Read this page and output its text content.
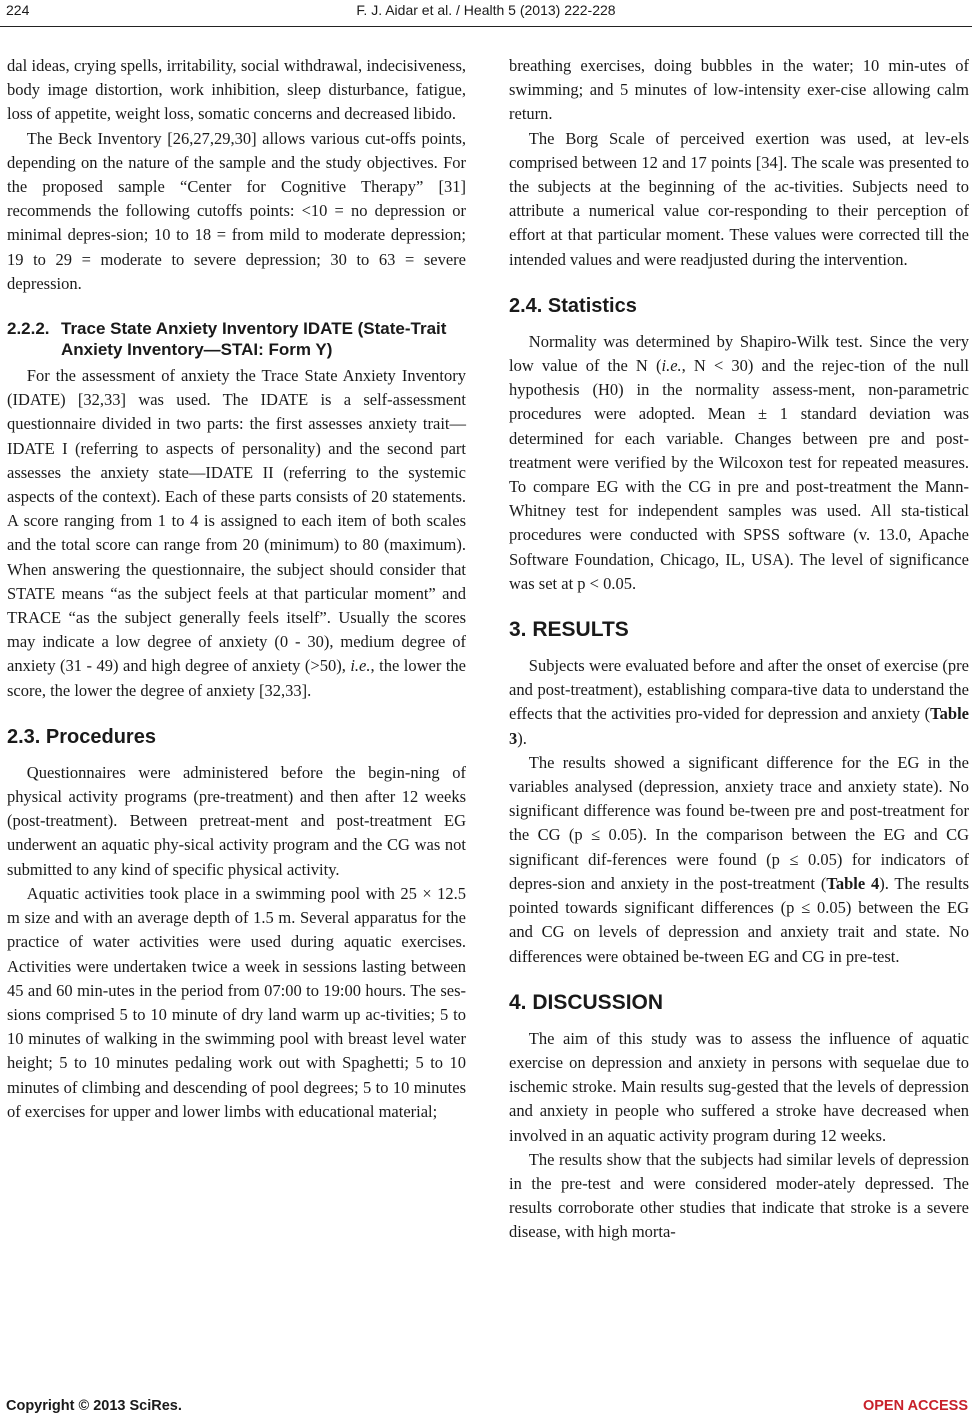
224	F. J. Aidar et al. / Health 5 (2013) 222-228

dal ideas, crying spells, irritability, social withdrawal, indecisiveness, body image distortion, work inhibition, sleep disturbance, fatigue, loss of appetite, weight loss, somatic concerns and decreased libido.

The Beck Inventory [26,27,29,30] allows various cut-offs points, depending on the nature of the sample and the study objectives. For the proposed sample “Center for Cognitive Therapy” [31] recommends the following cutoffs points: <10 = no depression or minimal depres-sion; 10 to 18 = from mild to moderate depression; 19 to 29 = moderate to severe depression; 30 to 63 = severe depression.

2.2.2. Trace State Anxiety Inventory IDATE (State-Trait Anxiety Inventory—STAI: Form Y)

For the assessment of anxiety the Trace State Anxiety Inventory (IDATE) [32,33] was used. The IDATE is a self-assessment questionnaire divided in two parts: the first assesses anxiety trait—IDATE I (referring to aspects of personality) and the second part assesses the anxiety state—IDATE II (referring to the systemic aspects of the context). Each of these parts consists of 20 statements. A score ranging from 1 to 4 is assigned to each item of both scales and the total score can range from 20 (minimum) to 80 (maximum). When answering the questionnaire, the subject should consider that STATE means “as the subject feels at that particular moment” and TRACE “as the subject generally feels itself”. Usually the scores may indicate a low degree of anxiety (0 - 30), medium degree of anxiety (31 - 49) and high degree of anxiety (>50), i.e., the lower the score, the lower the degree of anxiety [32,33].

2.3. Procedures

Questionnaires were administered before the begin-ning of physical activity programs (pre-treatment) and then after 12 weeks (post-treatment). Between pretreat-ment and post-treatment EG underwent an aquatic phy-sical activity program and the CG was not submitted to any kind of specific physical activity.

Aquatic activities took place in a swimming pool with 25 × 12.5 m size and with an average depth of 1.5 m. Several apparatus for the practice of water activities were used during aquatic exercises. Activities were undertaken twice a week in sessions lasting between 45 and 60 min-utes in the period from 07:00 to 19:00 hours. The ses-sions comprised 5 to 10 minute of dry land warm up ac-tivities; 5 to 10 minutes of walking in the swimming pool with breast level water height; 5 to 10 minutes pedaling work out with Spaghetti; 5 to 10 minutes of climbing and descending of pool degrees; 5 to 10 minutes of exercises for upper and lower limbs with educational material;

breathing exercises, doing bubbles in the water; 10 min-utes of swimming; and 5 minutes of low-intensity exer-cise allowing calm return.

The Borg Scale of perceived exertion was used, at lev-els comprised between 12 and 17 points [34]. The scale was presented to the subjects at the beginning of the ac-tivities. Subjects need to attribute a numerical value cor-responding to their perception of effort at that particular moment. These values were corrected till the intended values and were readjusted during the intervention.

2.4. Statistics

Normality was determined by Shapiro-Wilk test. Since the very low value of the N (i.e., N < 30) and the rejec-tion of the null hypothesis (H0) in the normality assess-ment, non-parametric procedures were adopted. Mean ± 1 standard deviation was determined for each variable. Changes between pre and post-treatment were verified by the Wilcoxon test for repeated measures. To compare EG with the CG in pre and post-treatment the Mann-Whitney test for independent samples was used. All sta-tistical procedures were conducted with SPSS software (v. 13.0, Apache Software Foundation, Chicago, IL, USA). The level of significance was set at p < 0.05.

3. RESULTS

Subjects were evaluated before and after the onset of exercise (pre and post-treatment), establishing compara-tive data to understand the effects that the activities pro-vided for depression and anxiety (Table 3).

The results showed a significant difference for the EG in the variables analysed (depression, anxiety trace and anxiety state). No significant difference was found be-tween pre and post-treatment for the CG (p ≤ 0.05). In the comparison between the EG and CG significant dif-ferences were found (p ≤ 0.05) for indicators of depres-sion and anxiety in the post-treatment (Table 4). The results pointed towards significant differences (p ≤ 0.05) between the EG and CG on levels of depression and anxiety trait and state. No differences were obtained be-tween EG and CG in pre-test.

4. DISCUSSION

The aim of this study was to assess the influence of aquatic exercise on depression and anxiety in persons with sequelae due to ischemic stroke. Main results sug-gested that the levels of depression and anxiety in people who suffered a stroke have decreased when involved in an aquatic activity program during 12 weeks.

The results show that the subjects had similar levels of depression in the pre-test and were considered moder-ately depressed. The results corroborate other studies that indicate that stroke is a severe disease, with high morta-

Copyright © 2013 SciRes.	OPEN ACCESS
